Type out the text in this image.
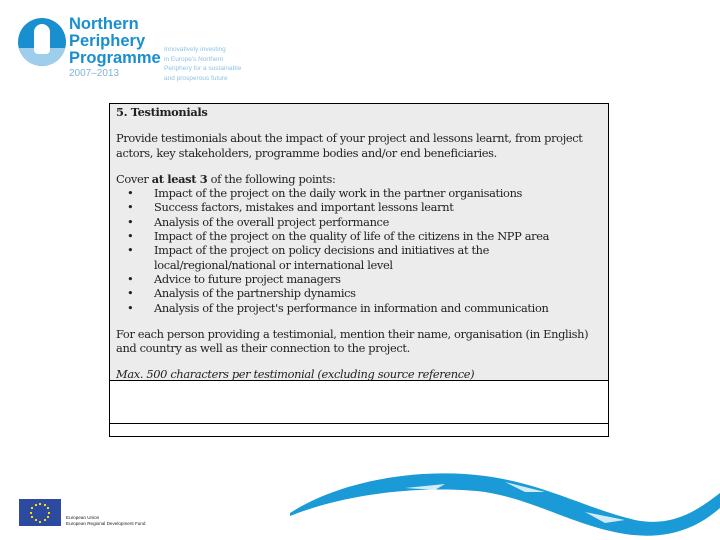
Northern
Periphery
Programme
2007–2013
Innovatively investing
in Europe's Northern
Periphery for a sustainable
and prosperous future
5. Testimonials

Provide testimonials about the impact of your project and lessons learnt, from project actors, key stakeholders, programme bodies and/or end beneficiaries.

Cover at least 3 of the following points:
• Impact of the project on the daily work in the partner organisations
• Success factors, mistakes and important lessons learnt
• Analysis of the overall project performance
• Impact of the project on the quality of life of the citizens in the NPP area
• Impact of the project on policy decisions and initiatives at the local/regional/national or international level
• Advice to future project managers
• Analysis of the partnership dynamics
• Analysis of the project's performance in information and communication

For each person providing a testimonial, mention their name, organisation (in English) and country as well as their connection to the project.

Max. 500 characters per testimonial (excluding source reference)
European Union
European Regional Development Fund
